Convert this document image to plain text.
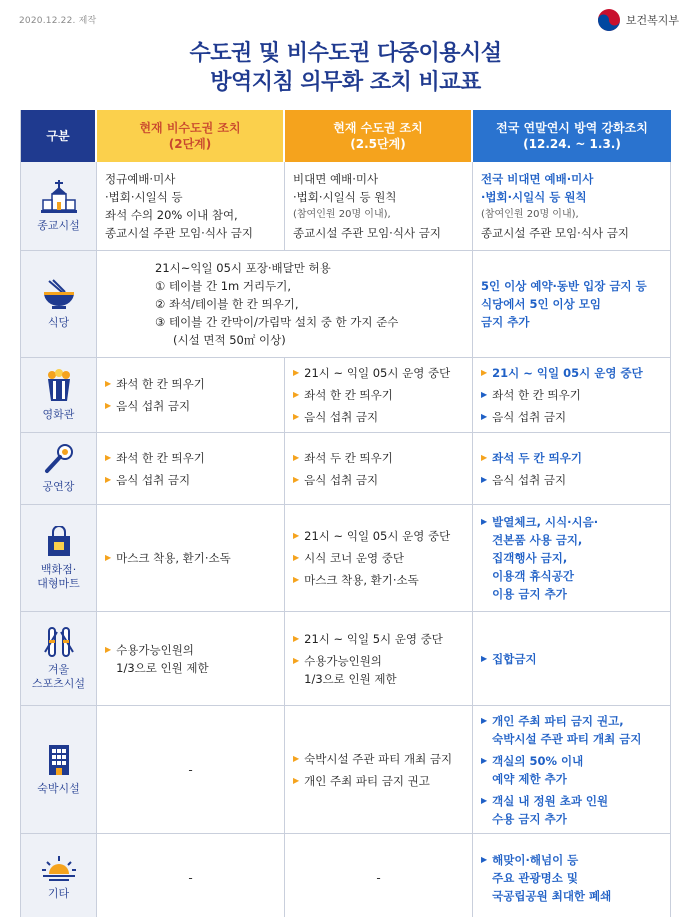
2020.12.22. 제작	보건복지부
수도권 및 비수도권 다중이용시설
방역지침 의무화 조치 비교표
구분
현재 비수도권 조치
(2단계)
현재 수도권 조치
(2.5단계)
전국 연말연시 방역 강화조치
(12.24. ~ 1.3.)
종교시설
정규예배·미사
·법회·시일식 등
좌석 수의 20% 이내 참여,
종교시설 주관 모임·식사 금지
비대면 예배·미사
·법회·시일식 등 원칙
(참여인원 20명 이내),
종교시설 주관 모임·식사 금지
전국 비대면 예배·미사
·법회·시일식 등 원칙
(참여인원 20명 이내),
종교시설 주관 모임·식사 금지
식당
21시~익일 05시 포장·배달만 허용
① 테이블 간 1m 거리두기,
② 좌석/테이블 한 칸 띄우기,
③ 테이블 간 칸막이/가림막 설치 중 한 가지 준수
(시설 면적 50㎡ 이상)
5인 이상 예약·동반 입장 금지 등
식당에서 5인 이상 모임
금지 추가
영화관
▶ 좌석 한 칸 띄우기
▶ 음식 섭취 금지
▶ 21시 ~ 익일 05시 운영 중단
▶ 좌석 한 칸 띄우기
▶ 음식 섭취 금지
▶ 21시 ~ 익일 05시 운영 중단
▶ 좌석 한 칸 띄우기
▶ 음식 섭취 금지
공연장
▶ 좌석 한 칸 띄우기
▶ 음식 섭취 금지
▶ 좌석 두 칸 띄우기
▶ 음식 섭취 금지
▶ 좌석 두 칸 띄우기
▶ 음식 섭취 금지
백화점·
대형마트
▶ 마스크 착용, 환기·소독
▶ 21시 ~ 익일 05시 운영 중단
▶ 시식 코너 운영 중단
▶ 마스크 착용, 환기·소독
▶ 발열체크, 시식·시음·
견본품 사용 금지,
집객행사 금지,
이용객 휴식공간
이용 금지 추가
겨울
스포츠시설
▶ 수용가능인원의
1/3으로 인원 제한
▶ 21시 ~ 익일 5시 운영 중단
▶ 수용가능인원의
1/3으로 인원 제한
▶ 집합금지
숙박시설
-
▶ 숙박시설 주관 파티 개최 금지
▶ 개인 주최 파티 금지 권고
▶ 개인 주최 파티 금지 권고,
숙박시설 주관 파티 개최 금지
▶ 객실의 50% 이내
예약 제한 추가
▶ 객실 내 정원 초과 인원
수용 금지 추가
기타
-	-
▶ 해맞이·해넘이 등
주요 관광명소 및
국공립공원 최대한 폐쇄
